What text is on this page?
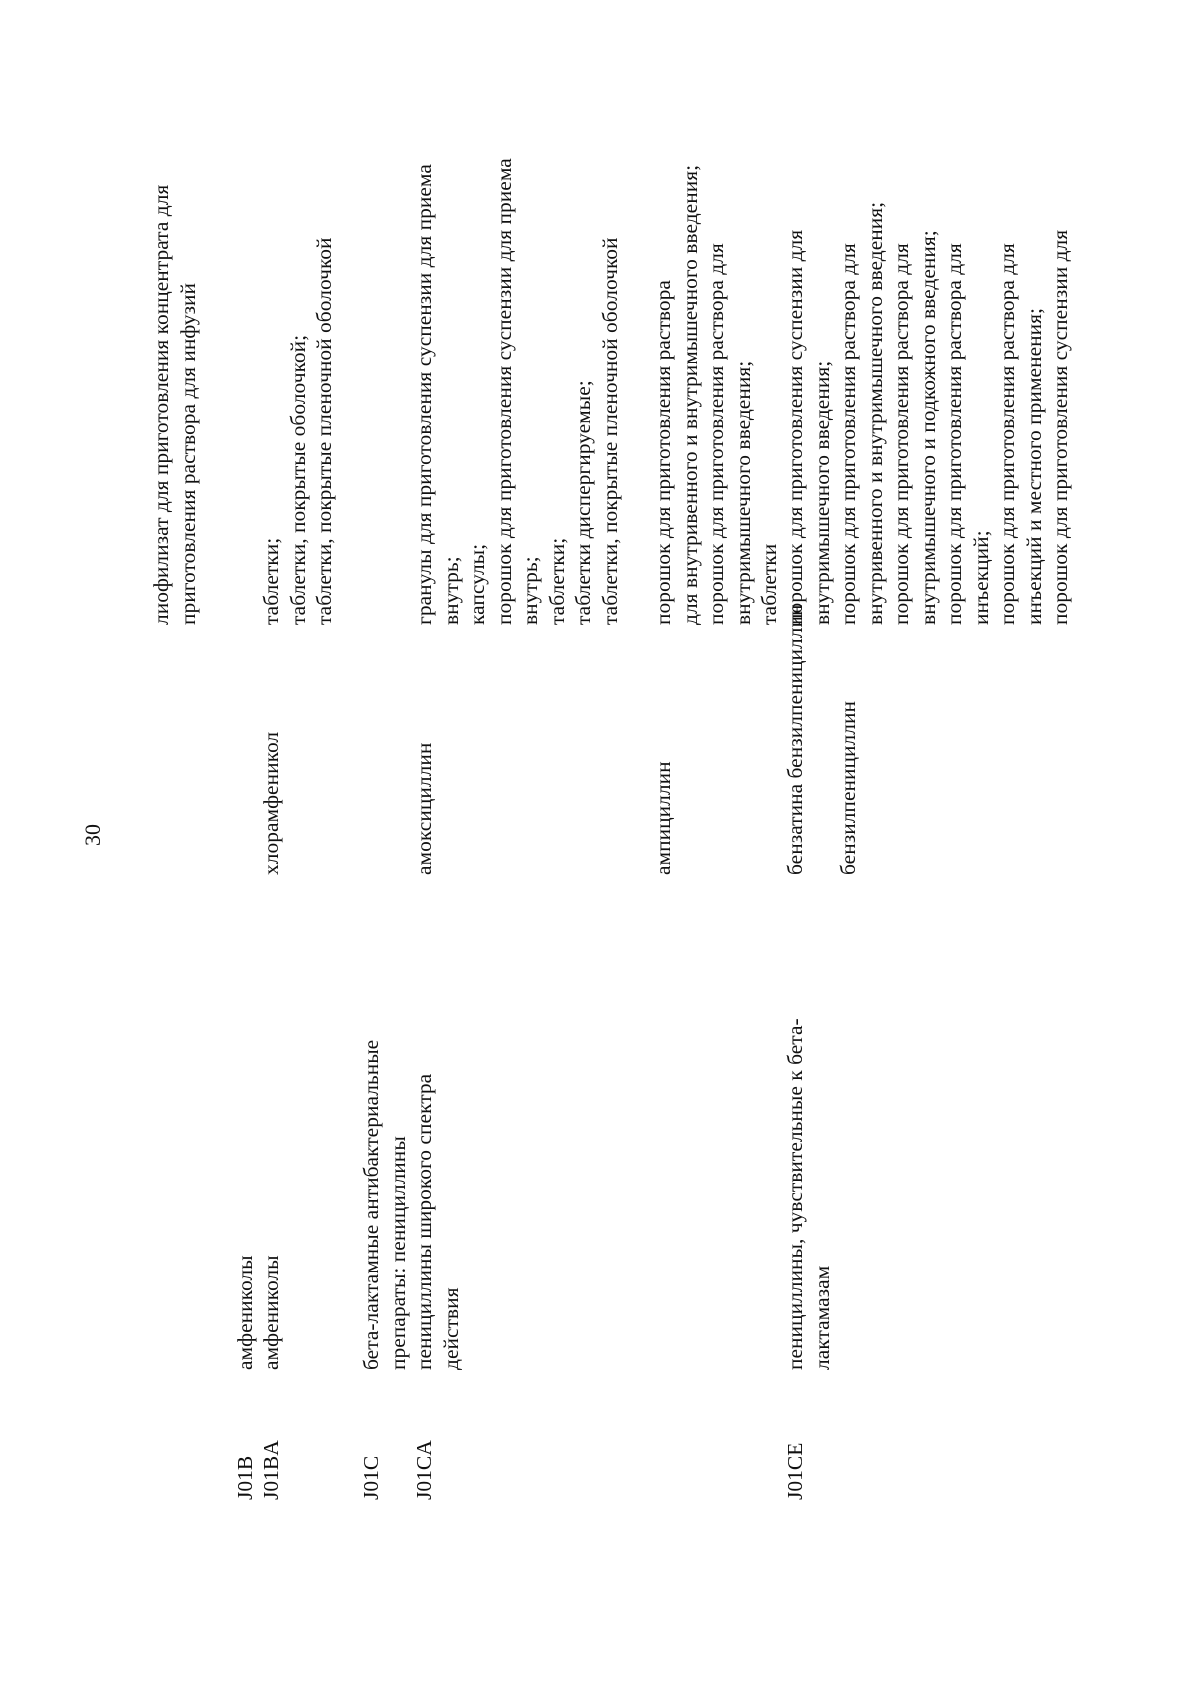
30
лиофилизат для приготовления концентрата для приготовления раствора для инфузий
J01B
амфениколы
J01BA
амфениколы
хлорамфеникол
таблетки; таблетки, покрытые оболочкой; таблетки, покрытые пленочной оболочкой
J01C
бета-лактамные антибактериальные препараты: пенициллины
J01CA
пенициллины широкого спектра действия
амоксициллин
гранулы для приготовления суспензии для приема внутрь; капсулы; порошок для приготовления суспензии для приема внутрь; таблетки; таблетки диспергируемые; таблетки, покрытые пленочной оболочкой
ампициллин
порошок для приготовления раствора для внутривенного и внутримышечного введения; порошок для приготовления раствора для внутримышечного введения; таблетки
J01CE
пенициллины, чувствительные к бета- лактамазам
бензатина бензилпенициллин
порошок для приготовления суспензии для внутримышечного введения;
бензилпенициллин
порошок для приготовления раствора для внутривенного и внутримышечного введения; порошок для приготовления раствора для внутримышечного и подкожного введения; порошок для приготовления раствора для инъекций; порошок для приготовления раствора для инъекций и местного применения; порошок для приготовления суспензии для
